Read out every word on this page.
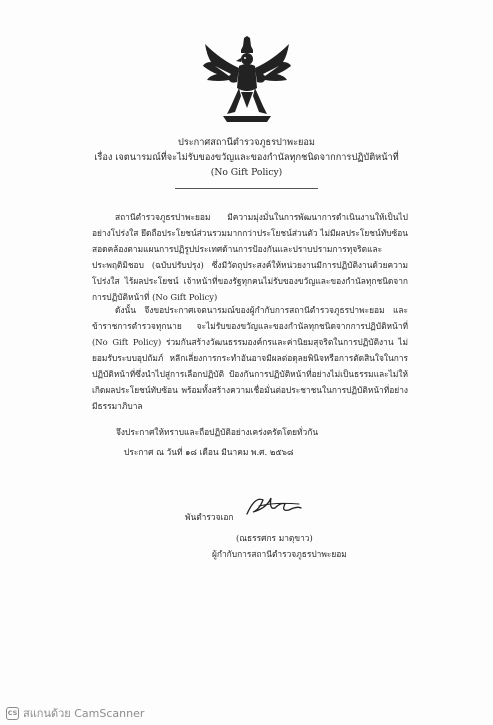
ประกาศสถานีตำรวจภูธรปาพะยอม
เรื่อง เจตนารมณ์ที่จะไม่รับของขวัญและของกำนัลทุกชนิดจากการปฏิบัติหน้าที่
(No Gift Policy)

สถานีตำรวจภูธรปาพะยอม มีความมุ่งมั่นในการพัฒนาการดำเนินงานให้เป็นไปอย่างโปร่งใส ยึดถือประโยชน์ส่วนรวมมากกว่าประโยชน์ส่วนตัว ไม่มีผลประโยชน์ทับซ้อน สอดคล้องตามแผนการปฏิรูปประเทศด้านการป้องกันและปราบปรามการทุจริตและประพฤติมิชอบ (ฉบับปรับปรุง) ซึ่งมีวัตถุประสงค์ให้หน่วยงานมีการปฏิบัติงานด้วยความโปร่งใส ไร้ผลประโยชน์ เจ้าหน้าที่ของรัฐทุกคนไม่รับของขวัญและของกำนัลทุกชนิดจากการปฏิบัติหน้าที่ (No Gift Policy)

ดังนั้น จึงขอประกาศเจตนารมณ์ของผู้กำกับการสถานีตำรวจภูธรปาพะยอม และข้าราชการตำรวจทุกนาย จะไม่รับของขวัญและของกำนัลทุกชนิดจากการปฏิบัติหน้าที่ (No Gift Policy) ร่วมกันสร้างวัฒนธรรมองค์กรและค่านิยมสุจริตในการปฏิบัติงาน ไม่ยอมรับระบบอุปถัมภ์ หลีกเลี่ยงการกระทำอันอาจมีผลต่อดุลยพินิจหรือการตัดสินใจในการปฏิบัติหน้าที่ซึ่งนำไปสู่การเลือกปฏิบัติ ป้องกันการปฏิบัติหน้าที่อย่างไม่เป็นธรรมและไม่ให้เกิดผลประโยชน์ทับซ้อน พร้อมทั้งสร้างความเชื่อมั่นต่อประชาชนในการปฏิบัติหน้าที่อย่างมีธรรมาภิบาล

จึงประกาศให้ทราบและถือปฏิบัติอย่างเคร่งครัดโดยทั่วกัน
ประกาศ ณ วันที่ ๑๘ เดือน มีนาคม พ.ศ. ๒๕๖๘
พันตำรวจเอก
(ณธรรศกร มาตุขาว)
ผู้กำกับการสถานีตำรวจภูธรปาพะยอม
CS สแกนด้วย CamScanner
